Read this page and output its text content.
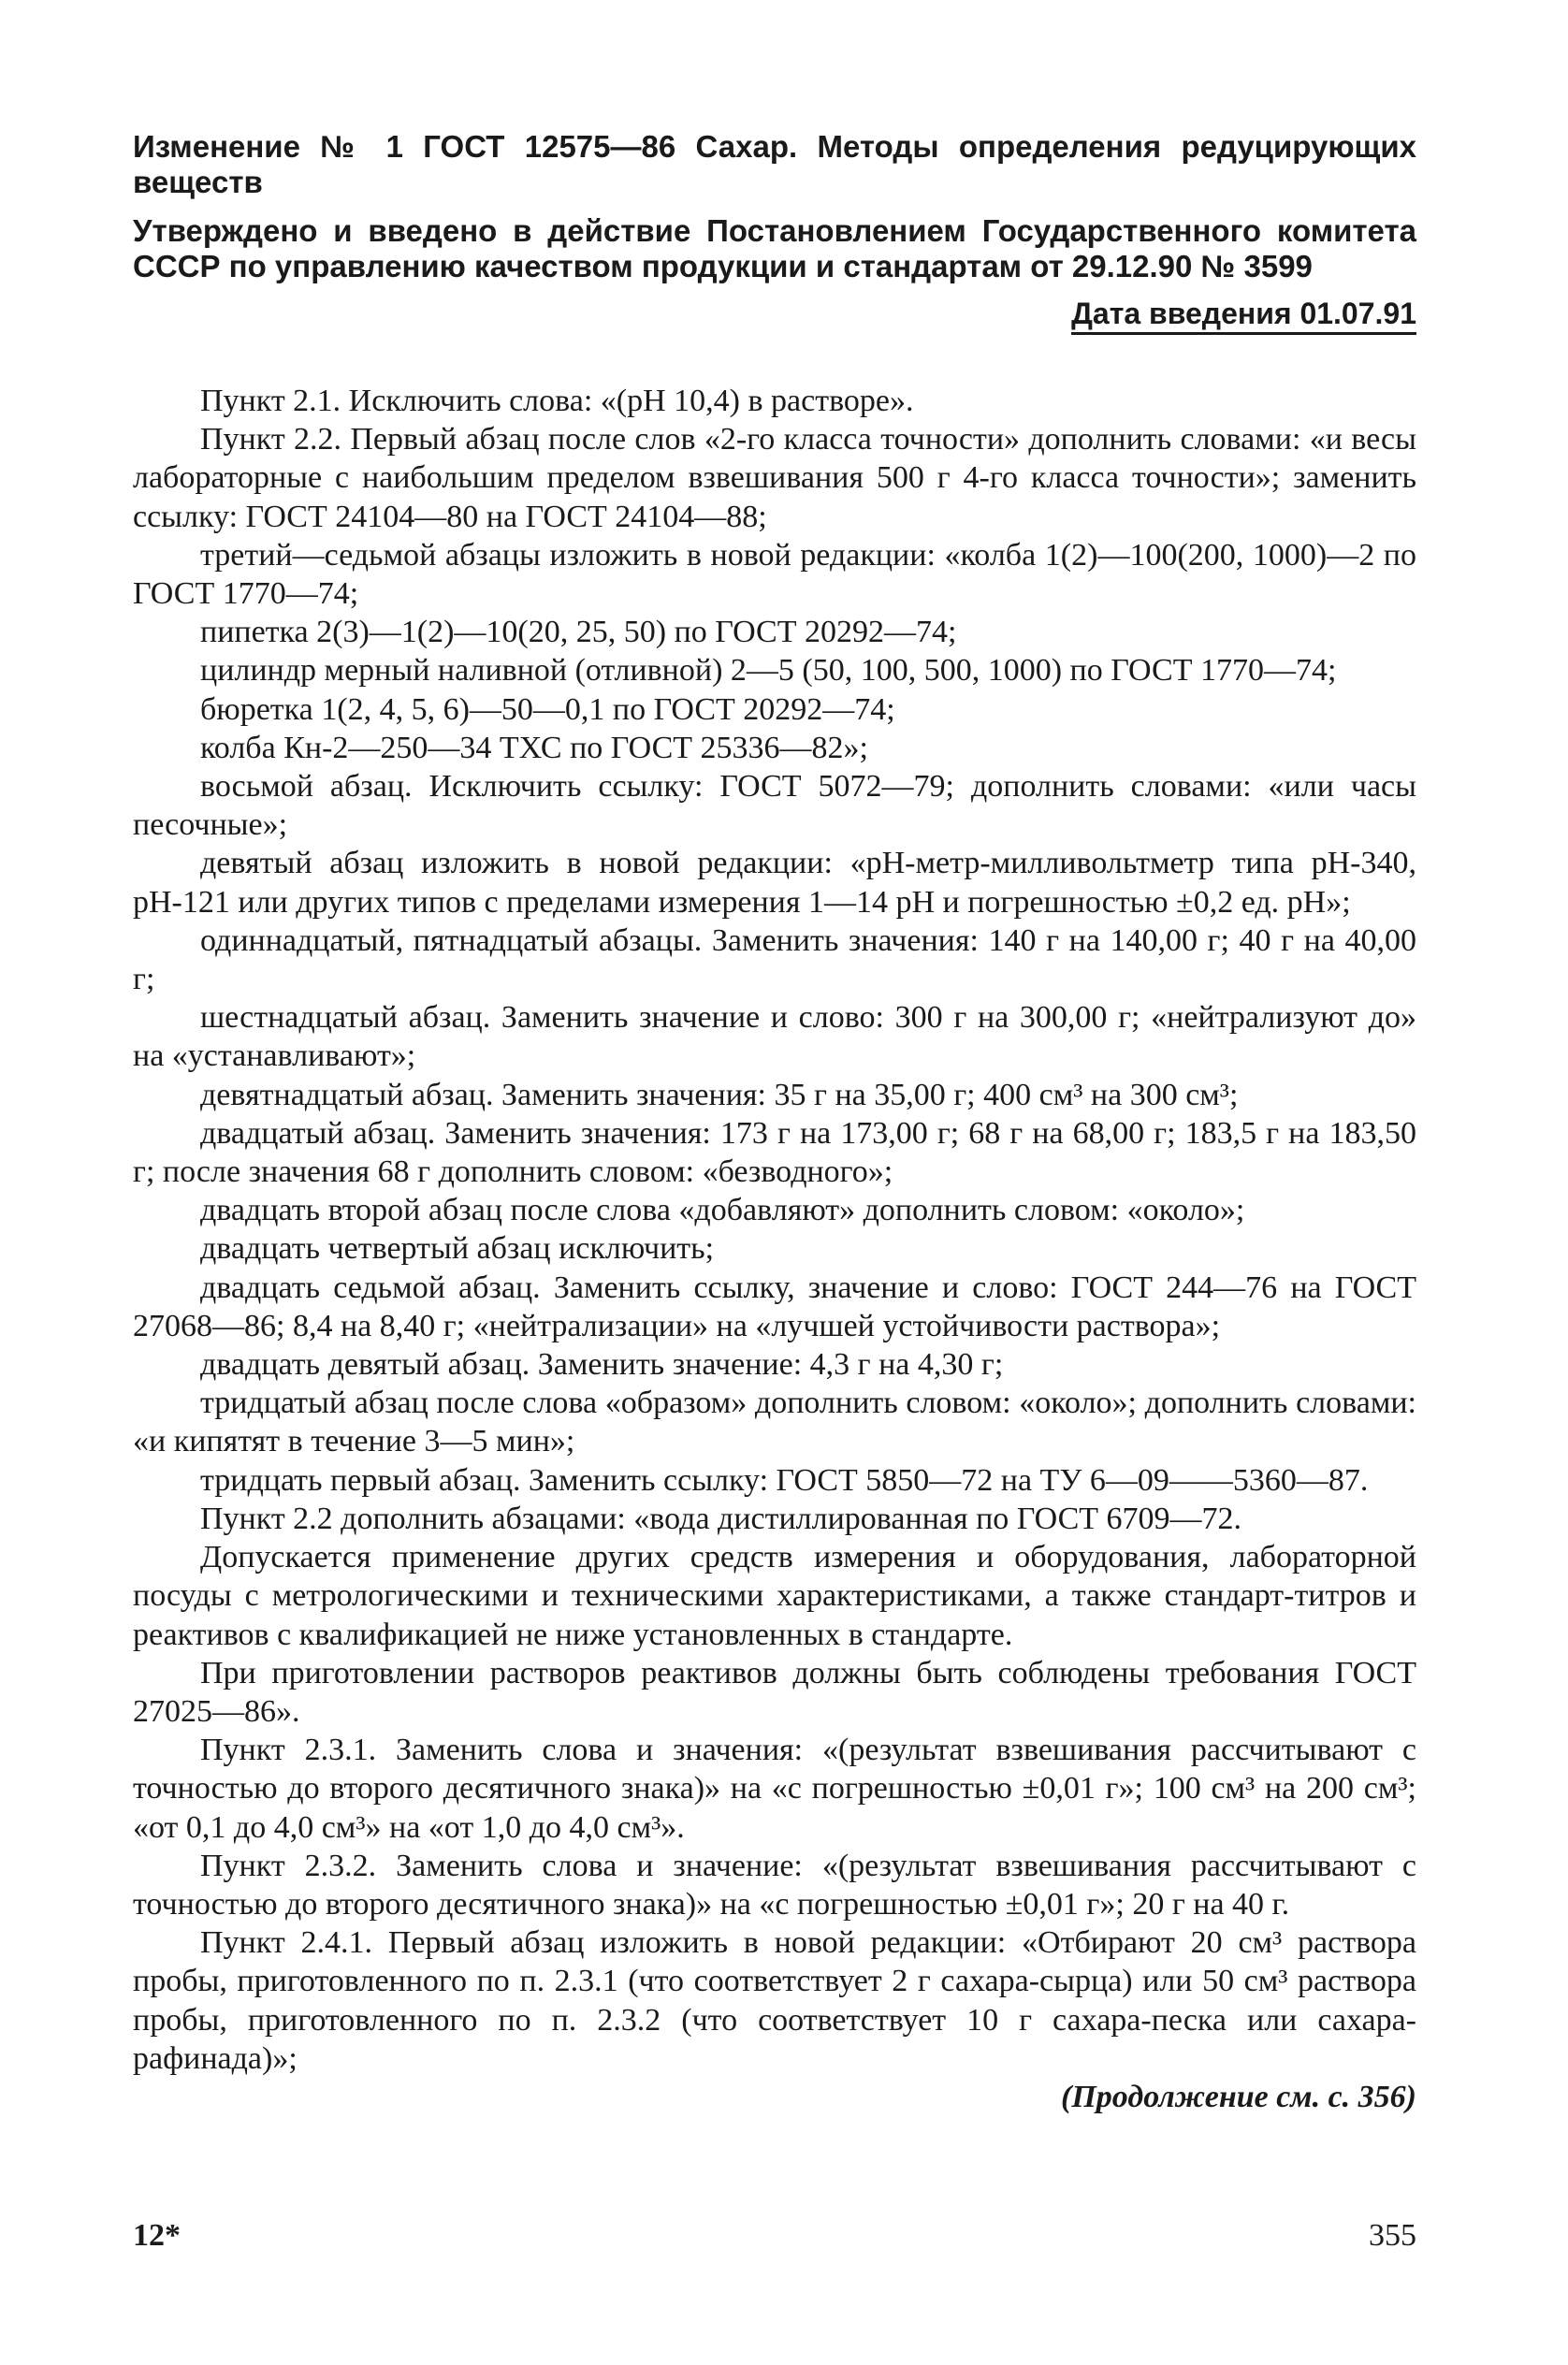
Изменение № 1 ГОСТ 12575—86 Сахар. Методы определения редуцирующих веществ

Утверждено и введено в действие Постановлением Государственного комитета СССР по управлению качеством продукции и стандартам от 29.12.90 № 3599

Дата введения 01.07.91

Пункт 2.1. Исключить слова: «(рН 10,4) в растворе».

Пункт 2.2. Первый абзац после слов «2-го класса точности» дополнить словами: «и весы лабораторные с наибольшим пределом взвешивания 500 г 4-го класса точности»; заменить ссылку: ГОСТ 24104—80 на ГОСТ 24104—88;

третий—седьмой абзацы изложить в новой редакции: «колба 1(2)—100(200, 1000)—2 по ГОСТ 1770—74;

пипетка 2(3)—1(2)—10(20, 25, 50) по ГОСТ 20292—74;

цилиндр мерный наливной (отливной) 2—5 (50, 100, 500, 1000) по ГОСТ 1770—74;

бюретка 1(2, 4, 5, 6)—50—0,1 по ГОСТ 20292—74;

колба Кн-2—250—34 ТХС по ГОСТ 25336—82»;

восьмой абзац. Исключить ссылку: ГОСТ 5072—79; дополнить словами: «или часы песочные»;

девятый абзац изложить в новой редакции: «рН-метр-милливольтметр типа рН-340, рН-121 или других типов с пределами измерения 1—14 рН и погрешностью ±0,2 ед. рН»;

одиннадцатый, пятнадцатый абзацы. Заменить значения: 140 г на 140,00 г; 40 г на 40,00 г;

шестнадцатый абзац. Заменить значение и слово: 300 г на 300,00 г; «нейтрализуют до» на «устанавливают»;

девятнадцатый абзац. Заменить значения: 35 г на 35,00 г; 400 см³ на 300 см³;

двадцатый абзац. Заменить значения: 173 г на 173,00 г; 68 г на 68,00 г; 183,5 г на 183,50 г; после значения 68 г дополнить словом: «безводного»;

двадцать второй абзац после слова «добавляют» дополнить словом: «около»;

двадцать четвертый абзац исключить;

двадцать седьмой абзац. Заменить ссылку, значение и слово: ГОСТ 244—76 на ГОСТ 27068—86; 8,4 на 8,40 г; «нейтрализации» на «лучшей устойчивости раствора»;

двадцать девятый абзац. Заменить значение: 4,3 г на 4,30 г;

тридцатый абзац после слова «образом» дополнить словом: «около»; дополнить словами: «и кипятят в течение 3—5 мин»;

тридцать первый абзац. Заменить ссылку: ГОСТ 5850—72 на ТУ 6—09——5360—87.

Пункт 2.2 дополнить абзацами: «вода дистиллированная по ГОСТ 6709—72.

Допускается применение других средств измерения и оборудования, лабораторной посуды с метрологическими и техническими характеристиками, а также стандарт-титров и реактивов с квалификацией не ниже установленных в стандарте.

При приготовлении растворов реактивов должны быть соблюдены требования ГОСТ 27025—86».

Пункт 2.3.1. Заменить слова и значения: «(результат взвешивания рассчитывают с точностью до второго десятичного знака)» на «с погрешностью ±0,01 г»; 100 см³ на 200 см³; «от 0,1 до 4,0 см³» на «от 1,0 до 4,0 см³».

Пункт 2.3.2. Заменить слова и значение: «(результат взвешивания рассчитывают с точностью до второго десятичного знака)» на «с погрешностью ±0,01 г»; 20 г на 40 г.

Пункт 2.4.1. Первый абзац изложить в новой редакции: «Отбирают 20 см³ раствора пробы, приготовленного по п. 2.3.1 (что соответствует 2 г сахара-сырца) или 50 см³ раствора пробы, приготовленного по п. 2.3.2 (что соответствует 10 г сахара-песка или сахара-рафинада)»;

(Продолжение см. с. 356)
12*	355
